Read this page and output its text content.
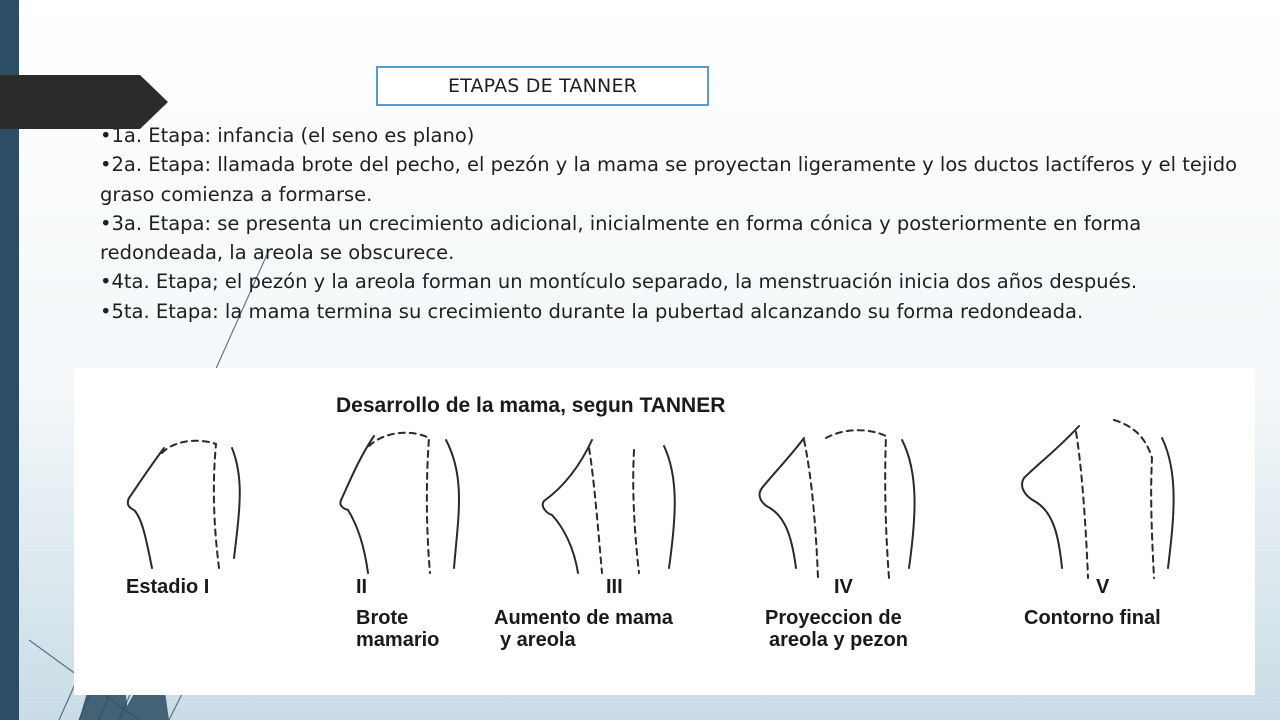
ETAPAS DE TANNER

•1a. Etapa: infancia (el seno es plano)

•2a. Etapa: llamada brote del pecho, el pezón y la mama se proyectan ligeramente y los ductos lactíferos y el tejido graso comienza a formarse.

•3a. Etapa: se presenta un crecimiento adicional, inicialmente en forma cónica y posteriormente en forma redondeada, la areola se obscurece.

•4ta. Etapa; el pezón y la areola forman un montículo separado, la menstruación inicia dos años después.

•5ta. Etapa: la mama termina su crecimiento durante la pubertad alcanzando su forma redondeada.

Desarrollo de la mama, segun TANNER
Estadio I	II
Brote
mamario
III
Aumento de mama
y areola
IV
Proyeccion de
areola y pezon
V
Contorno final
